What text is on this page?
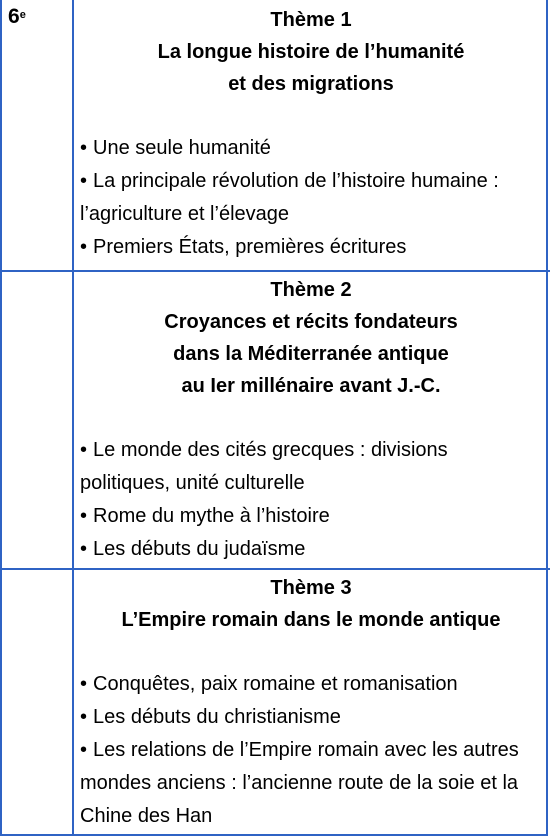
6e	Thème 1

La longue histoire de l’humanité
et des migrations

• Une seule humanité
• La principale révolution de l’histoire humaine : l’agriculture et l’élevage
• Premiers États, premières écritures

Thème 2

Croyances et récits fondateurs
dans la Méditerranée antique
au Ier millénaire avant J.-C.

• Le monde des cités grecques : divisions politiques, unité culturelle
• Rome du mythe à l’histoire
• Les débuts du judaïsme

Thème 3

L’Empire romain dans le monde antique

• Conquêtes, paix romaine et romanisation
• Les débuts du christianisme
• Les relations de l’Empire romain avec les autres mondes anciens : l’ancienne route de la soie et la Chine des Han
